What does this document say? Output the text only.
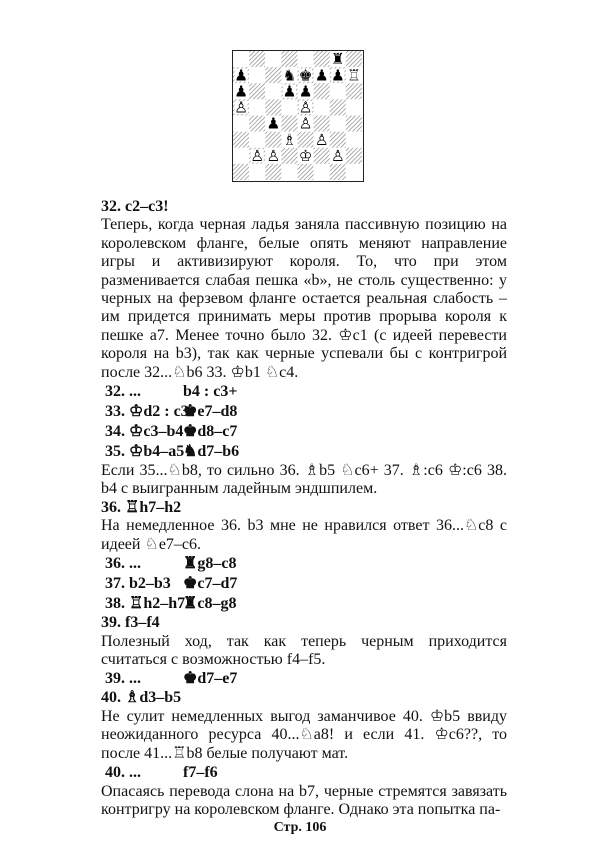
♜
♟ ♞ ♚ ♟ ♟ ♖
♟ ♟ ♟
♙	♙
♟ ♙
♗ ♙
♙ ♙ ♔ ♙

32. c2–c3!

Теперь, когда черная ладья заняла пассивную позицию на королевском фланге, белые опять меняют направление игры и активизируют короля. То, что при этом разменивается слабая пешка «b», не столь существенно: у черных на ферзевом фланге остается реальная слабость – им придется принимать меры против прорыва короля к пешке a7. Менее точно было 32. ♔c1 (с идеей перевести короля на b3), так как черные успевали бы с контригрой после 32...♘b6 33. ♔b1 ♘c4.

32. ...	b4 : c3+
33. ♔d2 : c3♚e7–d8
34. ♔c3–b4♚d8–c7
35. ♔b4–a5♞d7–b6

Если 35...♘b8, то сильно 36. ♗b5 ♘c6+ 37. ♗:c6 ♔:c6 38. b4 с выигранным ладейным эндшпилем.

36. ♖h7–h2

На немедленное 36. b3 мне не нравился ответ 36...♘c8 с идеей ♘e7–c6.

36. ...	♜g8–c8
37. b2–b3 ♚c7–d7
38. ♖h2–h7♜c8–g8

39. f3–f4

Полезный ход, так как теперь черным приходится считаться с возможностью f4–f5.

39. ...	♚d7–e7

40. ♗d3–b5

Не сулит немедленных выгод заманчивое 40. ♔b5 ввиду неожиданного ресурса 40...♘a8! и если 41. ♔c6??, то после 41...♖b8 белые получают мат.

40. ...	f7–f6

Опасаясь перевода слона на b7, черные стремятся завязать контригру на королевском фланге. Однако эта попытка па-

Стр. 106
